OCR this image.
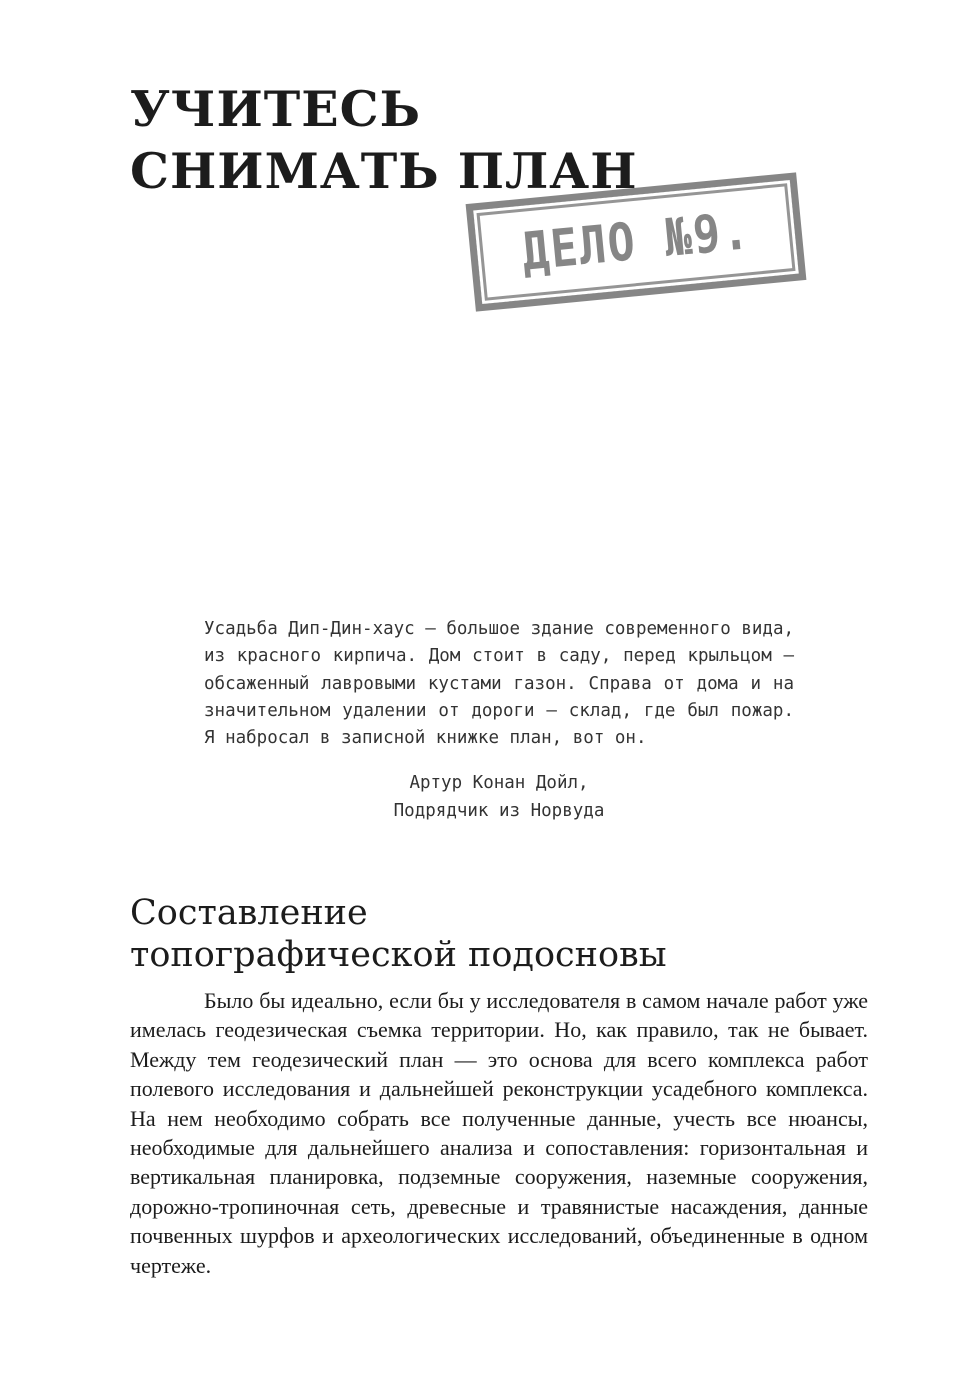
УЧИТЕСЬ
СНИМАТЬ ПЛАН
ДЕЛО №9.

Усадьба Дип-Дин-хаус — большое здание современного вида, из красного кирпича. Дом стоит в саду, перед крыльцом — обсаженный лавровыми кустами газон. Справа от дома и на значительном удалении от дороги — склад, где был пожар. Я набросал в записной книжке план, вот он.

Артур Конан Дойл,
Подрядчик из Норвуда

Составление
топографической подосновы

Было бы идеально, если бы у исследователя в самом начале работ уже имелась геодезическая съемка территории. Но, как правило, так не бывает. Между тем геодезический план — это основа для всего комплекса работ полевого исследования и дальнейшей реконструкции усадебного комплекса. На нем необходимо собрать все полученные данные, учесть все нюансы, необходимые для дальнейшего анализа и сопоставления: горизонтальная и вертикальная планировка, подземные сооружения, наземные сооружения, дорожно-тропиночная сеть, древесные и травянистые насаждения, данные почвенных шурфов и археологических исследований, объединенные в одном чертеже.
